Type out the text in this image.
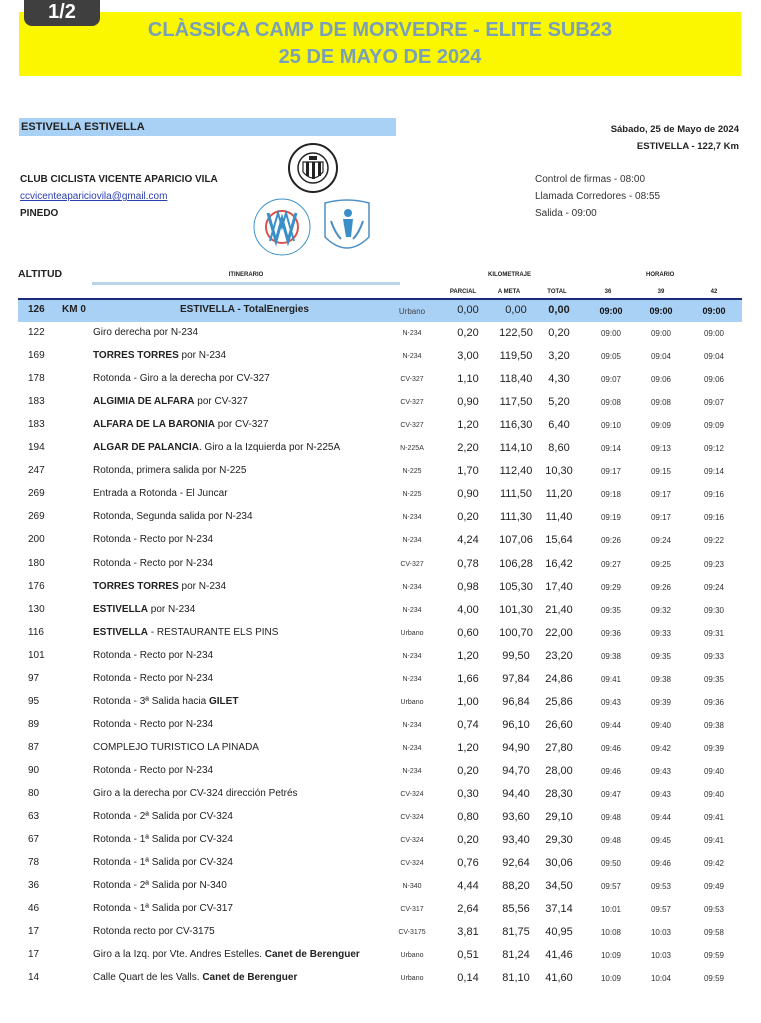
1/2
CLÀSSICA CAMP DE MORVEDRE - ELITE SUB23
25 DE MAYO DE 2024
ESTIVELLA ESTIVELLA	Sábado, 25 de Mayo de 2024
ESTIVELLA - 122,7 Km
CLUB CICLISTA VICENTE APARICIO VILA
ccvicenteapariciovila@gmail.com
PINEDO
Control de firmas - 08:00
Llamada Corredores - 08:55
Salida - 09:00
ALTITUD	ITINERARIO	KILOMETRAJE	HORARIO
PARCIAL	A META	TOTAL	36	39	42
126	KM 0	ESTIVELLA - TotalEnergies	Urbano	0,00	0,00	0,00	09:00	09:00	09:00
122	Giro derecha por N-234	N-234	0,20	122,50	0,20	09:00	09:00	09:00
169	TORRES TORRES por N-234	N-234	3,00	119,50	3,20	09:05	09:04	09:04
178	Rotonda - Giro a la derecha por CV-327	CV-327	1,10	118,40	4,30	09:07	09:06	09:06
183	ALGIMIA DE ALFARA por CV-327	CV-327	0,90	117,50	5,20	09:08	09:08	09:07
183	ALFARA DE LA BARONIA por CV-327	CV-327	1,20	116,30	6,40	09:10	09:09	09:09
194	ALGAR DE PALANCIA. Giro a la Izquierda por N-225A	N-225A	2,20	114,10	8,60	09:14	09:13	09:12
247	Rotonda, primera salida por N-225	N-225	1,70	112,40	10,30	09:17	09:15	09:14
269	Entrada a Rotonda - El Juncar	N-225	0,90	111,50	11,20	09:18	09:17	09:16
269	Rotonda, Segunda salida por N-234	N-234	0,20	111,30	11,40	09:19	09:17	09:16
200	Rotonda - Recto por N-234	N-234	4,24	107,06	15,64	09:26	09:24	09:22
180	Rotonda - Recto por N-234	CV-327	0,78	106,28	16,42	09:27	09:25	09:23
176	TORRES TORRES por N-234	N-234	0,98	105,30	17,40	09:29	09:26	09:24
130	ESTIVELLA por N-234	N-234	4,00	101,30	21,40	09:35	09:32	09:30
116	ESTIVELLA - RESTAURANTE ELS PINS	Urbano	0,60	100,70	22,00	09:36	09:33	09:31
101	Rotonda - Recto por N-234	N-234	1,20	99,50	23,20	09:38	09:35	09:33
97	Rotonda - Recto por N-234	N-234	1,66	97,84	24,86	09:41	09:38	09:35
95	Rotonda - 3ª Salida hacia GILET	Urbano	1,00	96,84	25,86	09:43	09:39	09:36
89	Rotonda - Recto por N-234	N-234	0,74	96,10	26,60	09:44	09:40	09:38
87	COMPLEJO TURISTICO LA PINADA	N-234	1,20	94,90	27,80	09:46	09:42	09:39
90	Rotonda - Recto por N-234	N-234	0,20	94,70	28,00	09:46	09:43	09:40
80	Giro a la derecha por CV-324 dirección Petrés	CV-324	0,30	94,40	28,30	09:47	09:43	09:40
63	Rotonda - 2ª Salida por CV-324	CV-324	0,80	93,60	29,10	09:48	09:44	09:41
67	Rotonda - 1ª Salida por CV-324	CV-324	0,20	93,40	29,30	09:48	09:45	09:41
78	Rotonda - 1ª Salida por CV-324	CV-324	0,76	92,64	30,06	09:50	09:46	09:42
36	Rotonda - 2ª Salida por N-340	N-340	4,44	88,20	34,50	09:57	09:53	09:49
46	Rotonda - 1ª Salida por CV-317	CV-317	2,64	85,56	37,14	10:01	09:57	09:53
17	Rotonda recto por CV-3175	CV-3175	3,81	81,75	40,95	10:08	10:03	09:58
17	Giro a la Izq. por Vte. Andres Estelles. Canet de Berenguer	Urbano	0,51	81,24	41,46	10:09	10:03	09:59
14	Calle Quart de les Valls. Canet de Berenguer	Urbano	0,14	81,10	41,60	10:09	10:04	09:59
